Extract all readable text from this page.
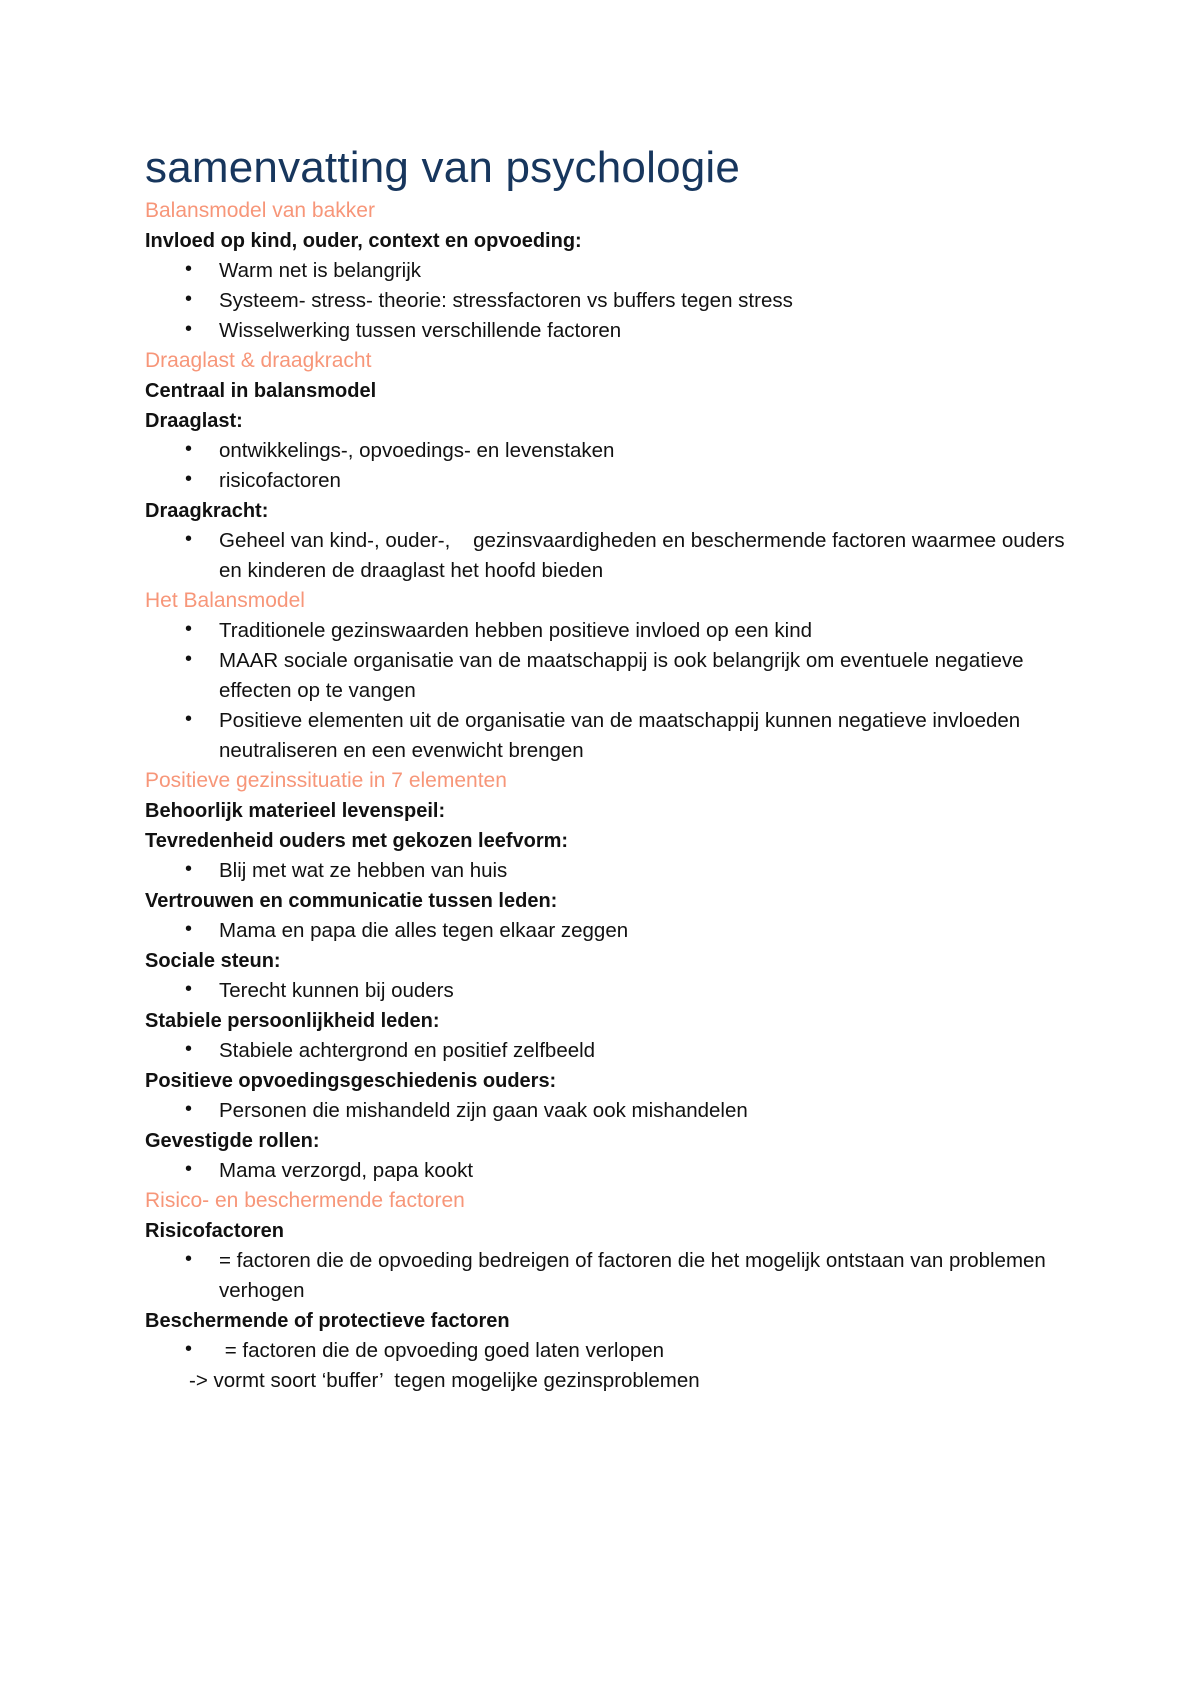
samenvatting van psychologie
Balansmodel van bakker
Invloed op kind, ouder, context en opvoeding:
• Warm net is belangrijk
• Systeem- stress- theorie: stressfactoren vs buffers tegen stress
• Wisselwerking tussen verschillende factoren
Draaglast & draagkracht
Centraal in balansmodel
Draaglast:
• ontwikkelings-, opvoedings- en levenstaken
• risicofactoren
Draagkracht:
• Geheel van kind-, ouder-,    gezinsvaardigheden en beschermende factoren waarmee ouders en kinderen de draaglast het hoofd bieden
Het Balansmodel
• Traditionele gezinswaarden hebben positieve invloed op een kind
• MAAR sociale organisatie van de maatschappij is ook belangrijk om eventuele negatieve effecten op te vangen
• Positieve elementen uit de organisatie van de maatschappij kunnen negatieve invloeden neutraliseren en een evenwicht brengen
Positieve gezinssituatie in 7 elementen
Behoorlijk materieel levenspeil:
Tevredenheid ouders met gekozen leefvorm:
• Blij met wat ze hebben van huis
Vertrouwen en communicatie tussen leden:
• Mama en papa die alles tegen elkaar zeggen
Sociale steun:
• Terecht kunnen bij ouders
Stabiele persoonlijkheid leden:
• Stabiele achtergrond en positief zelfbeeld
Positieve opvoedingsgeschiedenis ouders:
• Personen die mishandeld zijn gaan vaak ook mishandelen
Gevestigde rollen:
• Mama verzorgd, papa kookt
Risico- en beschermende factoren
Risicofactoren
• = factoren die de opvoeding bedreigen of factoren die het mogelijk ontstaan van problemen verhogen
Beschermende of protectieve factoren
• = factoren die de opvoeding goed laten verlopen
-> vormt soort ‘buffer’  tegen mogelijke gezinsproblemen
